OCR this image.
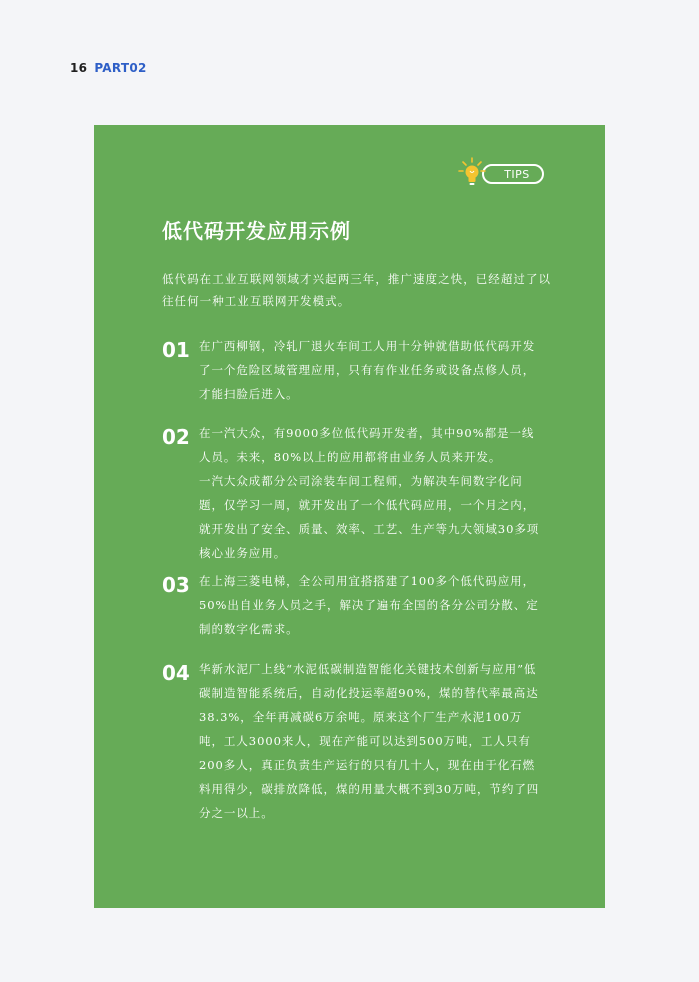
16 PART02
TIPS
低代码开发应用示例

低代码在工业互联网领域才兴起两三年，推广速度之快，已经超过了以往任何一种工业互联网开发模式。

01 在广西柳钢，冷轧厂退火车间工人用十分钟就借助低代码开发了一个危险区域管理应用，只有有作业任务或设备点修人员，才能扫脸后进入。

02 在一汽大众，有9000多位低代码开发者，其中90%都是一线人员。未来，80%以上的应用都将由业务人员来开发。

一汽大众成都分公司涂装车间工程师，为解决车间数字化问题，仅学习一周，就开发出了一个低代码应用，一个月之内，就开发出了安全、质量、效率、工艺、生产等九大领域30多项核心业务应用。

03 在上海三菱电梯，全公司用宜搭搭建了100多个低代码应用，50%出自业务人员之手，解决了遍布全国的各分公司分散、定制的数字化需求。

04 华新水泥厂上线“水泥低碳制造智能化关键技术创新与应用”低碳制造智能系统后，自动化投运率超90%，煤的替代率最高达38.3%，全年再减碳6万余吨。原来这个厂生产水泥100万吨，工人3000来人，现在产能可以达到500万吨，工人只有200多人，真正负责生产运行的只有几十人，现在由于化石燃料用得少，碳排放降低，煤的用量大概不到30万吨，节约了四分之一以上。
